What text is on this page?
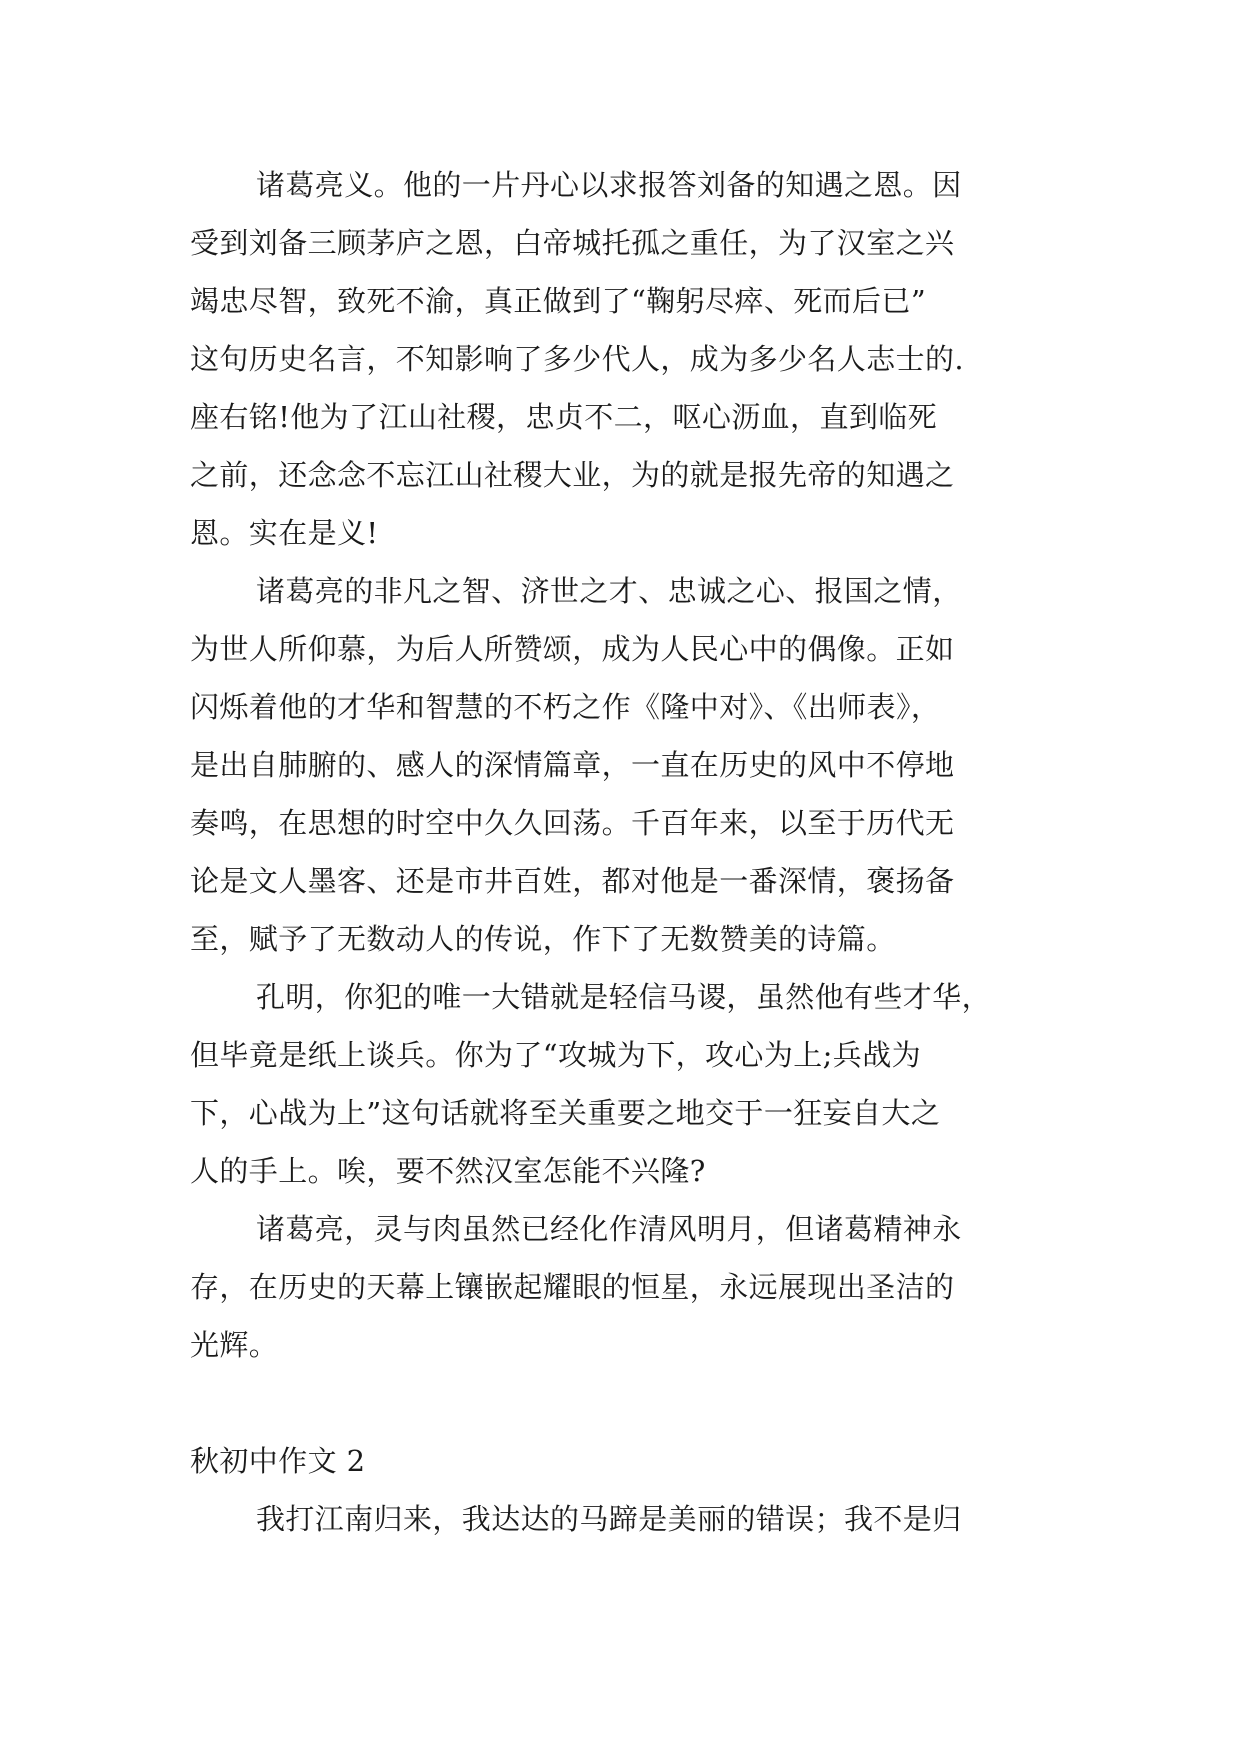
诸葛亮义。他的一片丹心以求报答刘备的知遇之恩。因
受到刘备三顾茅庐之恩，白帝城托孤之重任，为了汉室之兴
竭忠尽智，致死不渝，真正做到了“鞠躬尽瘁、死而后已”
这句历史名言，不知影响了多少代人，成为多少名人志士的.
座右铭!他为了江山社稷，忠贞不二，呕心沥血，直到临死
之前，还念念不忘江山社稷大业，为的就是报先帝的知遇之
恩。实在是义!
诸葛亮的非凡之智、济世之才、忠诚之心、报国之情，
为世人所仰慕，为后人所赞颂，成为人民心中的偶像。正如
闪烁着他的才华和智慧的不朽之作《隆中对》、《出师表》，
是出自肺腑的、感人的深情篇章，一直在历史的风中不停地
奏鸣，在思想的时空中久久回荡。千百年来，以至于历代无
论是文人墨客、还是市井百姓，都对他是一番深情，褒扬备
至，赋予了无数动人的传说，作下了无数赞美的诗篇。
孔明，你犯的唯一大错就是轻信马谡，虽然他有些才华，
但毕竟是纸上谈兵。你为了“攻城为下，攻心为上;兵战为
下，心战为上”这句话就将至关重要之地交于一狂妄自大之
人的手上。唉，要不然汉室怎能不兴隆?
诸葛亮，灵与肉虽然已经化作清风明月，但诸葛精神永
存，在历史的天幕上镶嵌起耀眼的恒星，永远展现出圣洁的
光辉。
秋初中作文 2
我打江南归来，我达达的马蹄是美丽的错误；我不是归
